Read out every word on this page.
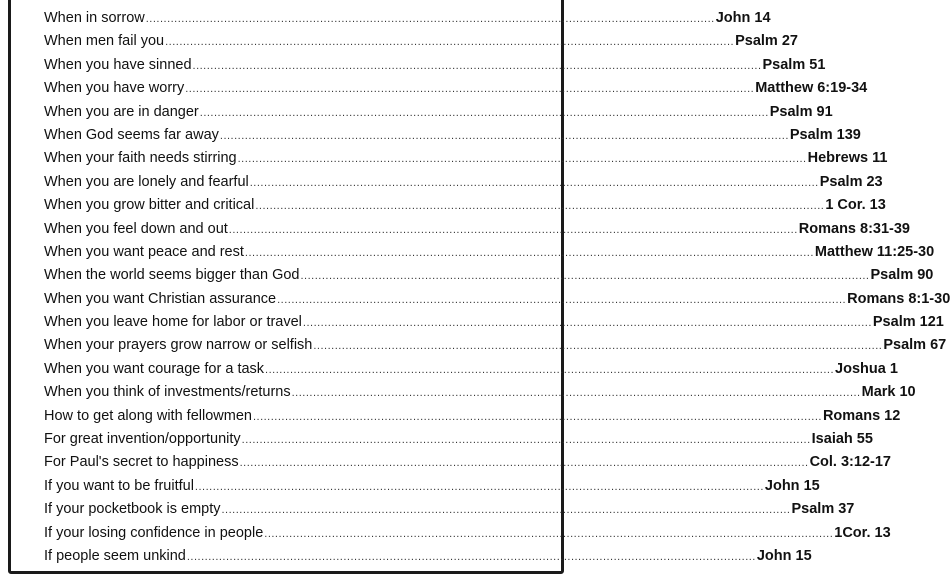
When in sorrow ................................................................................................................................................................ John 14
When men fail you ................................................................................................................................................................ Psalm 27
When you have sinned ................................................................................................................................................................ Psalm 51
When you have worry ................................................................................................................................................................ Matthew 6:19-34
When you are in danger ................................................................................................................................................................ Psalm 91
When God seems far away ................................................................................................................................................................ Psalm 139
When your faith needs stirring ................................................................................................................................................................ Hebrews 11
When you are lonely and fearful ................................................................................................................................................................ Psalm 23
When you grow bitter and critical ................................................................................................................................................................ 1 Cor. 13
When you feel down and out ................................................................................................................................................................ Romans 8:31-39
When you want peace and rest ................................................................................................................................................................ Matthew 11:25-30
When the world seems bigger than God ................................................................................................................................................................ Psalm 90
When you want Christian assurance ................................................................................................................................................................ Romans 8:1-30
When you leave home for labor or travel ................................................................................................................................................................ Psalm 121
When your prayers grow narrow or selfish ................................................................................................................................................................ Psalm 67
When you want courage for a task ................................................................................................................................................................ Joshua 1
When you think of investments/returns ................................................................................................................................................................ Mark 10
How to get along with fellowmen ................................................................................................................................................................ Romans 12
For great invention/opportunity ................................................................................................................................................................ Isaiah 55
For Paul's secret to happiness ................................................................................................................................................................ Col. 3:12-17
If you want to be fruitful ................................................................................................................................................................ John 15
If your pocketbook is empty ................................................................................................................................................................ Psalm 37
If your losing confidence in people ................................................................................................................................................................ 1Cor. 13
If people seem unkind ................................................................................................................................................................ John 15
